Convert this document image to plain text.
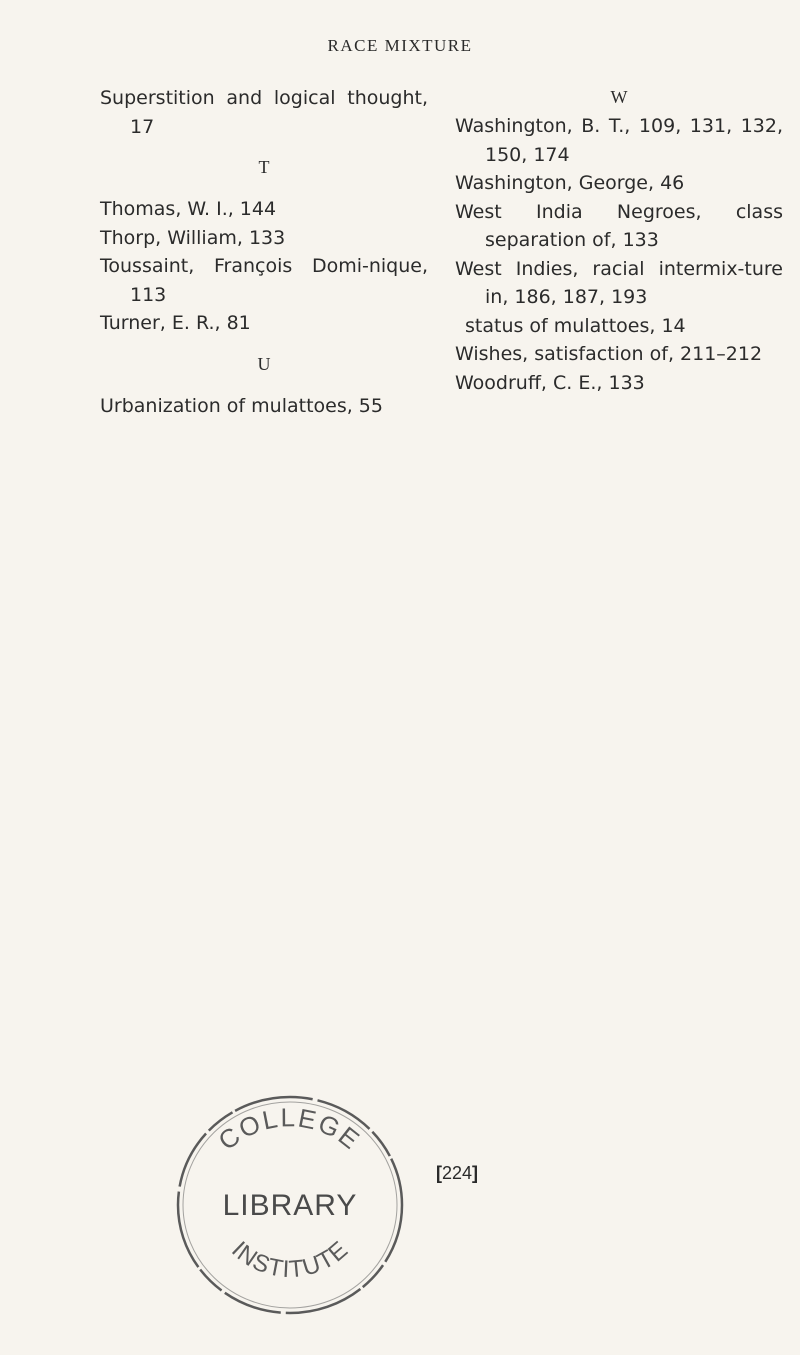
RACE MIXTURE
Superstition and logical thought, 17
T
Thomas, W. I., 144
Thorp, William, 133
Toussaint, François Domi-nique, 113
Turner, E. R., 81
U
Urbanization of mulattoes, 55
W
Washington, B. T., 109, 131, 132, 150, 174
Washington, George, 46
West India Negroes, class separation of, 133
West Indies, racial intermix-ture in, 186, 187, 193
status of mulattoes, 14
Wishes, satisfaction of, 211–212
Woodruff, C. E., 133
COLLEGE
LIBRARY
INSTITUTE
[224]
